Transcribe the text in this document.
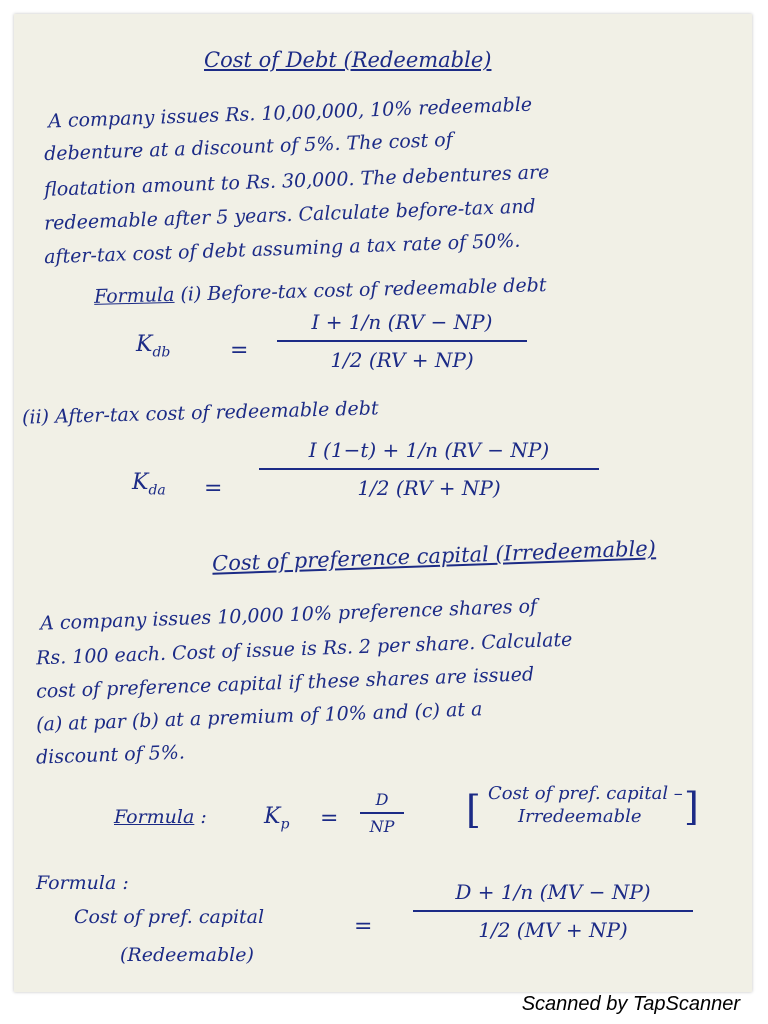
Cost of Debt (Redeemable)
A company issues Rs. 10,00,000, 10% redeemable
debenture at a discount of 5%. The cost of
floatation amount to Rs. 30,000. The debentures are
redeemable after 5 years. Calculate before-tax and
after-tax cost of debt assuming a tax rate of 50%.
Formula (i) Before-tax cost of redeemable debt
$K_{db}$	=
I + 1/n (RV − NP)
1/2 (RV + NP)
(ii) After-tax cost of redeemable debt
$K_{da}$ =
I (1−t) + 1/n (RV − NP)
1/2 (RV + NP)
Cost of preference capital (Irredeemable)
A company issues 10,000 10% preference shares of
Rs. 100 each. Cost of issue is Rs. 2 per share. Calculate
cost of preference capital if these shares are issued
(a) at par (b) at a premium of 10% and (c) at a
discount of 5%.
Formula :	$K_p$ =
D
NP
[ Cost of pref. capital –
Irredeemable
]
Formula :
Cost of pref. capital
(Redeemable)
=
D + 1/n (MV − NP)
1/2 (MV + NP)
Scanned by TapScanner
